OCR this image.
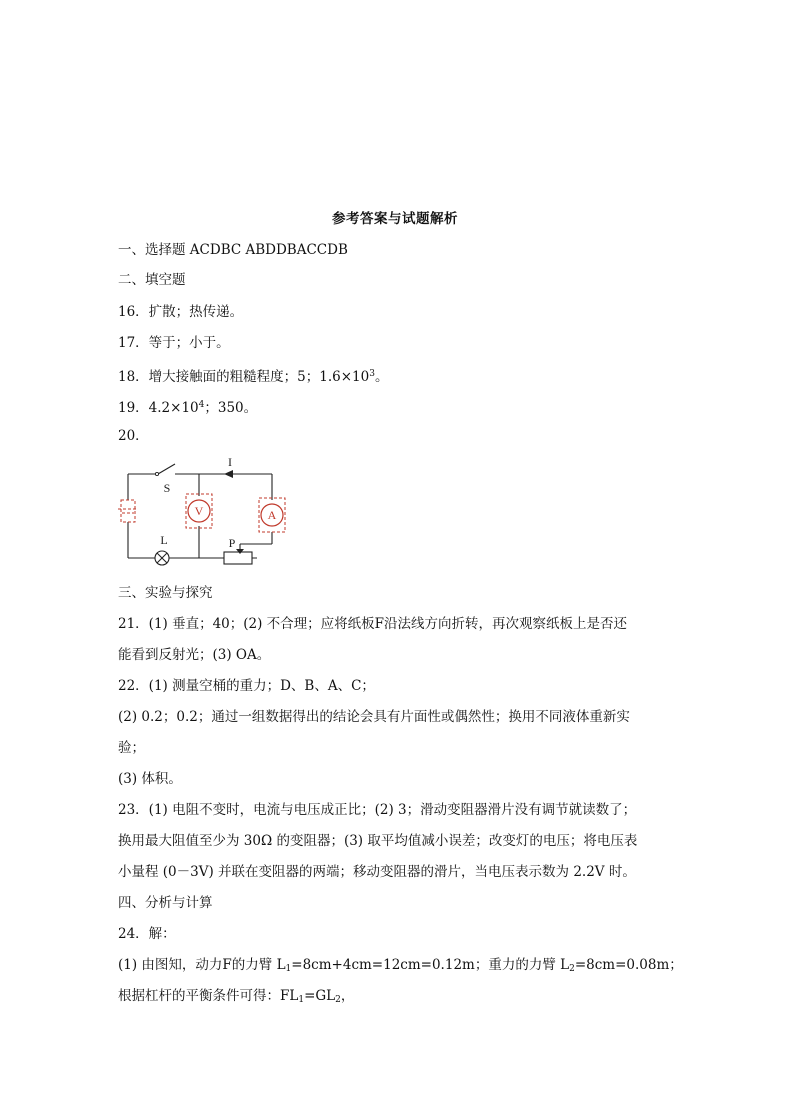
参考答案与试题解析
一、选择题 ACDBC ABDDBACCDB
二、填空题
16．扩散；热传递。
17．等于；小于。
18．增大接触面的粗糙程度；5；$1.6\times 10^3$。
19．$4.2\times 10^4$；350。
20．
V	A
I
S
L	P
三、实验与探究
21．(1) 垂直；40；(2) 不合理；应将纸板F沿法线方向折转，再次观察纸板上是否还
能看到反射光；(3) OA。
22．(1) 测量空桶的重力；D、B、A、C；
(2) 0.2；0.2；通过一组数据得出的结论会具有片面性或偶然性；换用不同液体重新实
验；
(3) 体积。
23．(1) 电阻不变时，电流与电压成正比；(2) 3；滑动变阻器滑片没有调节就读数了；
换用最大阻值至少为 30Ω 的变阻器；(3) 取平均值减小误差；改变灯的电压；将电压表
小量程 (0－3V) 并联在变阻器的两端；移动变阻器的滑片，当电压表示数为 2.2V 时。
四、分析与计算
24．解：
(1) 由图知，动力F的力臂 $L_1=8cm+4cm=12cm=0.12m$；重力的力臂 $L_2=8cm=0.08m$；
根据杠杆的平衡条件可得：$FL_1=GL_2$，
